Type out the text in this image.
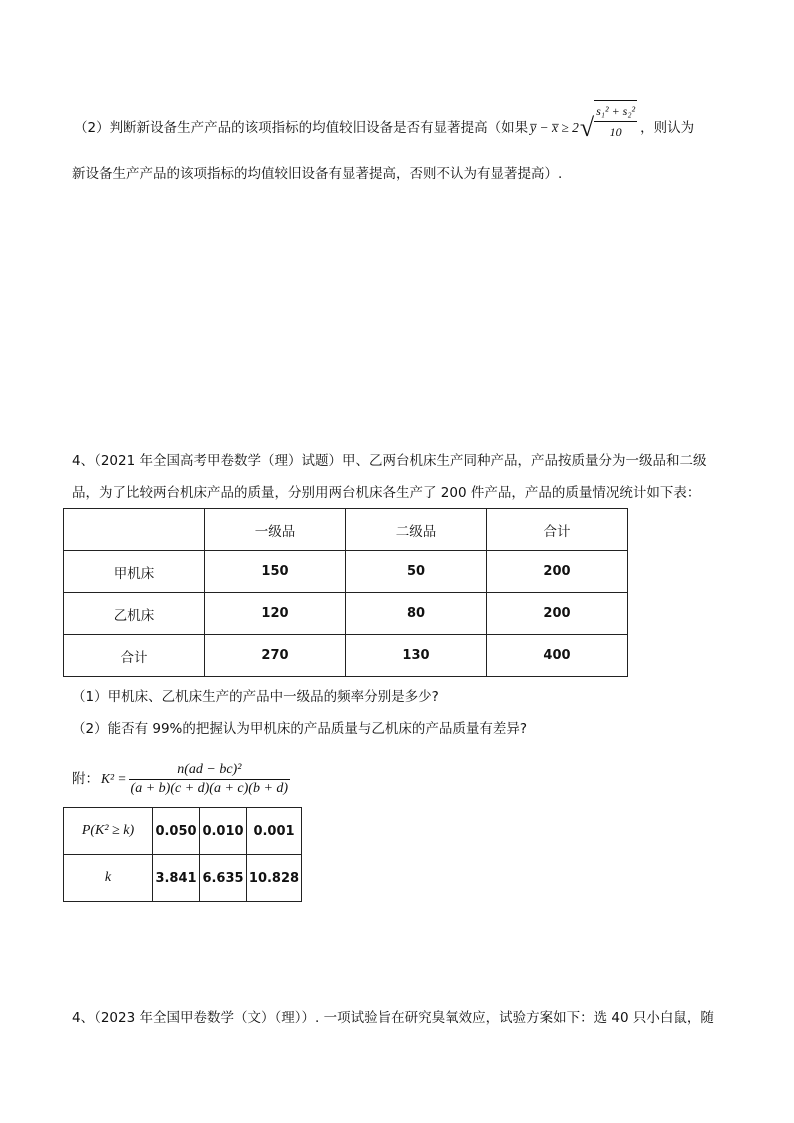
（2）判断新设备生产产品的该项指标的均值较旧设备是否有显著提高（如果 y̅ − x̅ ≥ $2√ \frac{\text{s₁² + s₂²}}{10}$ ，则认为
新设备生产产品的该项指标的均值较旧设备有显著提高，否则不认为有显著提高）.
4、（2021 年全国高考甲卷数学（理）试题）甲、乙两台机床生产同种产品，产品按质量分为一级品和二级
品，为了比较两台机床产品的质量，分别用两台机床各生产了 200 件产品，产品的质量情况统计如下表：
	一级品	二级品	合计
甲机床	150	50	200
乙机床	120	80	200
合计	270	130	400
（1）甲机床、乙机床生产的产品中一级品的频率分别是多少?
（2）能否有 99%的把握认为甲机床的产品质量与乙机床的产品质量有差异?
附： $K^2 = \frac{\text{n(ad − bc)²}}{(a + b)(c + d)(a + c)(b + d)}$
P(K² ≥ k)	0.050	0.010	0.001
k	3.841	6.635	10.828
4、（2023 年全国甲卷数学（文）（理））. 一项试验旨在研究臭氧效应，试验方案如下：选 40 只小白鼠，随
